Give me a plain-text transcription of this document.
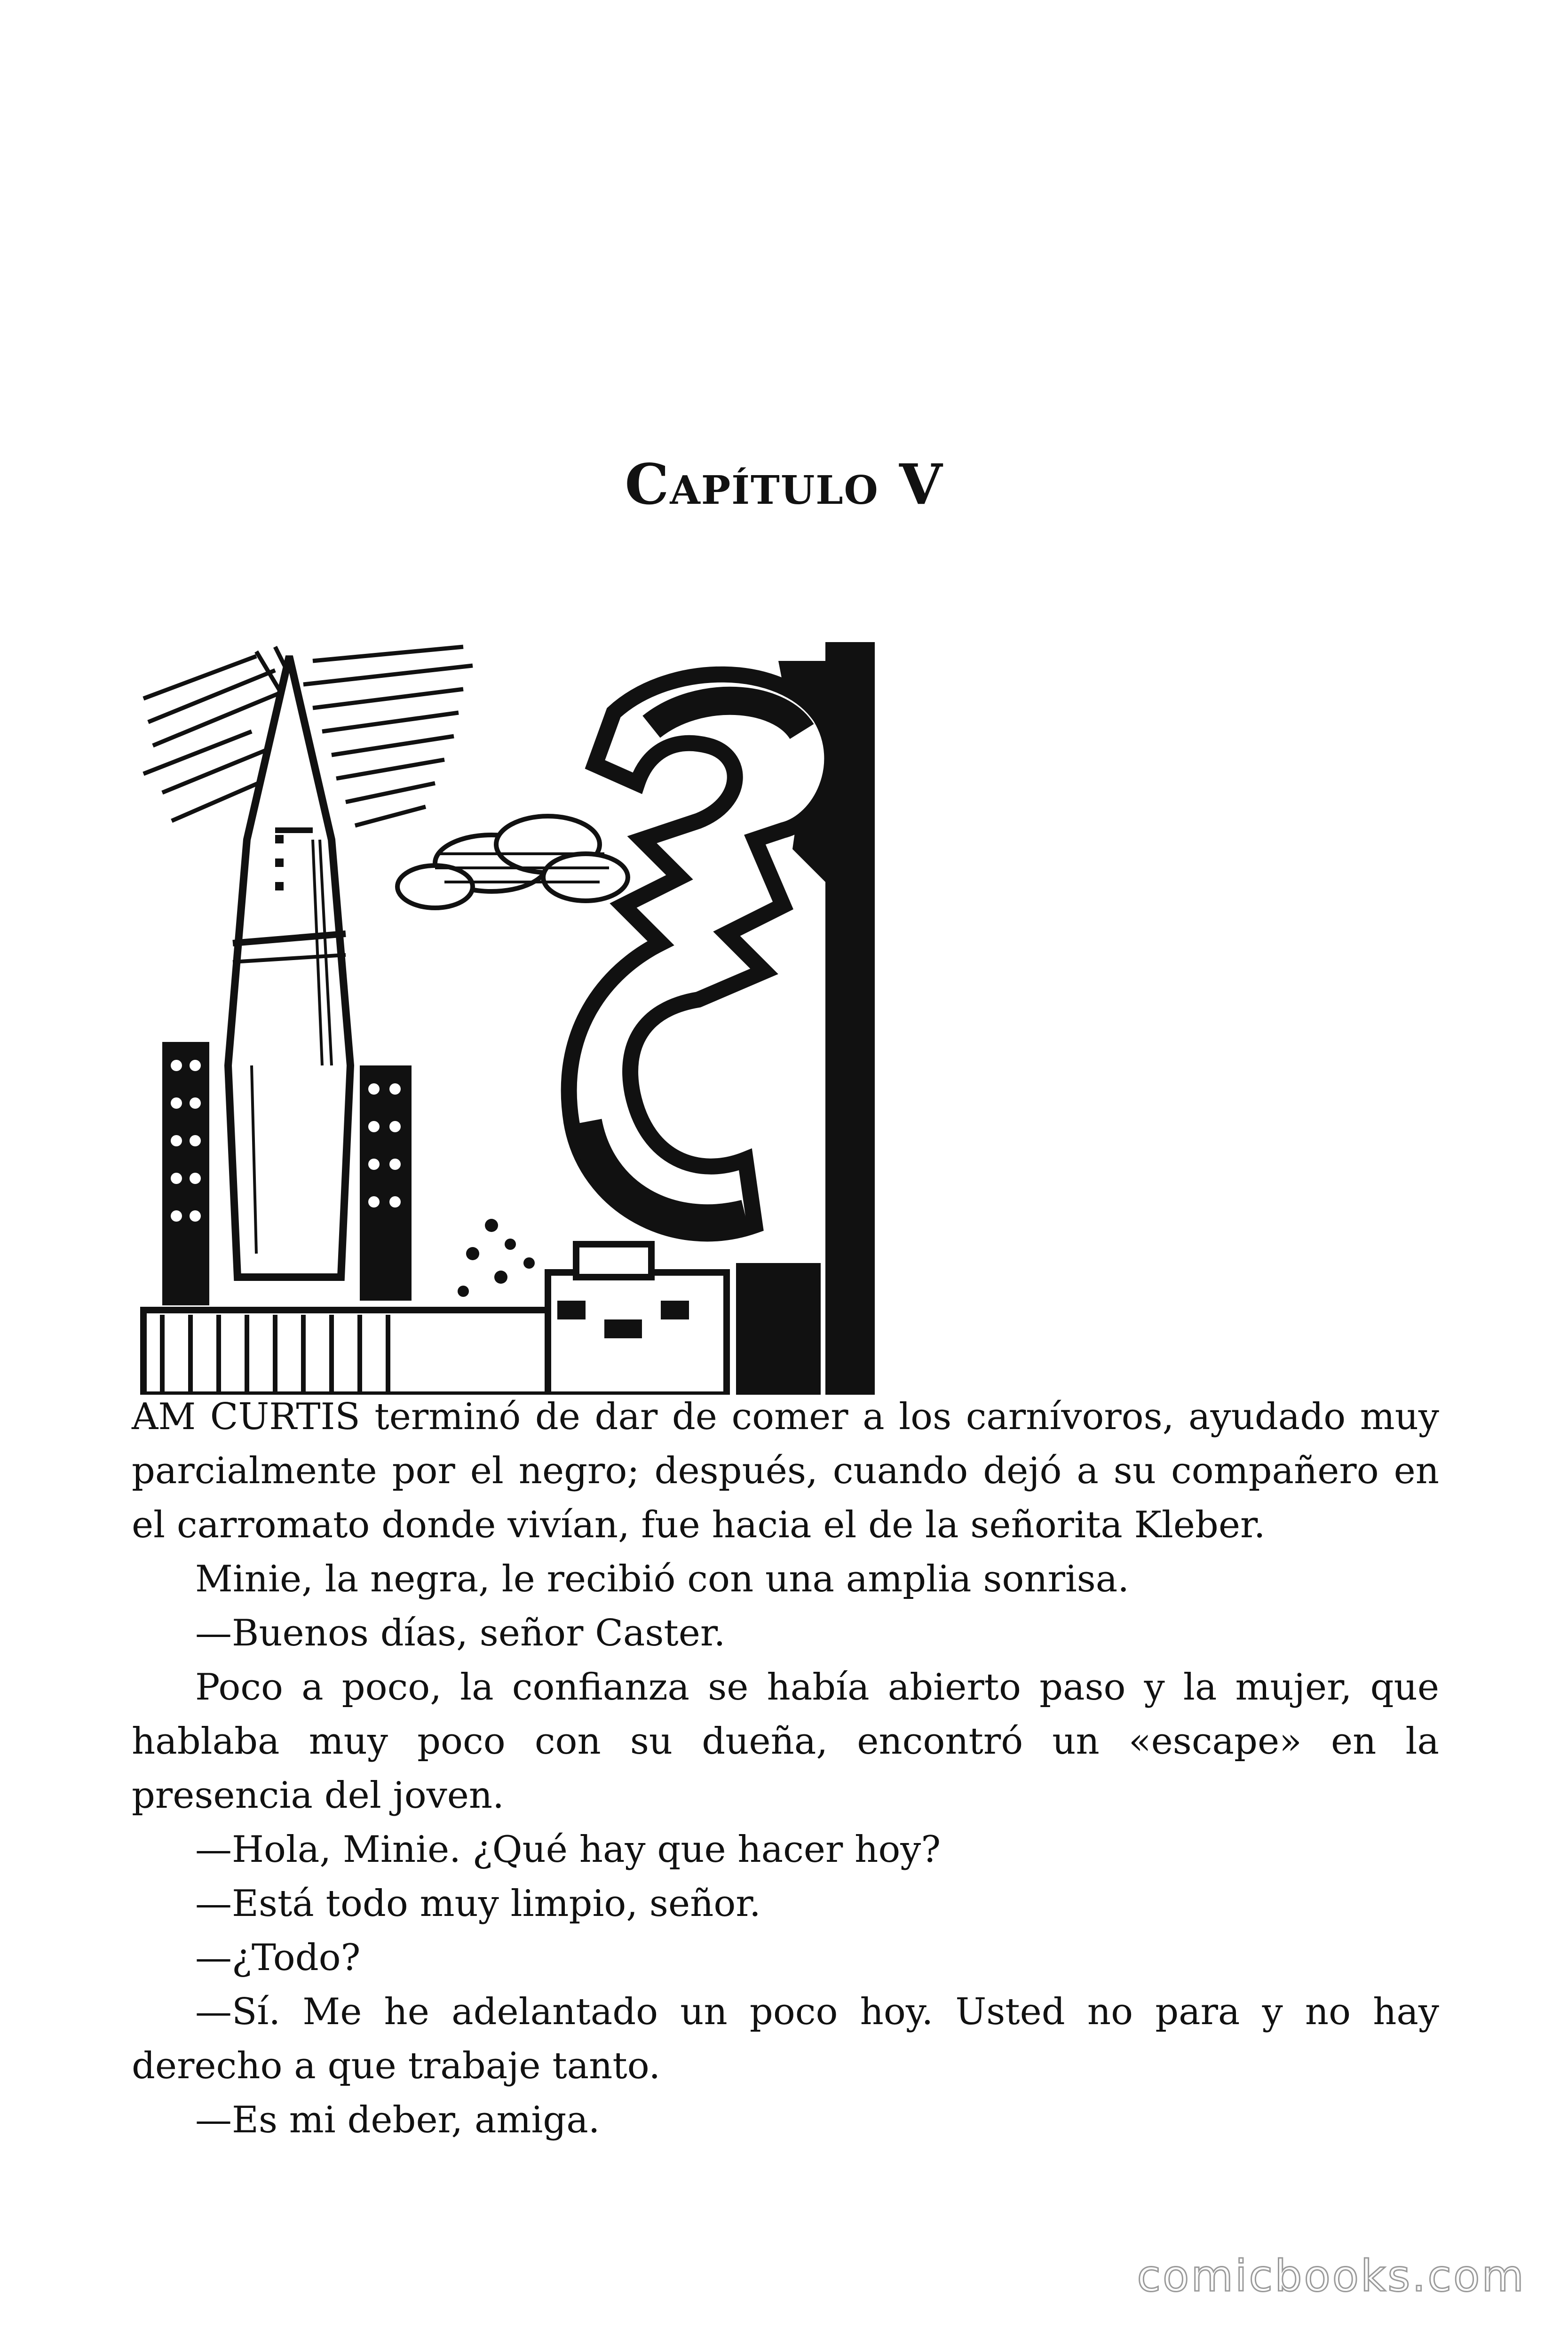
Capítulo V

AM CURTIS terminó de dar de comer a los carnívoros, ayudado muy parcialmente por el negro; después, cuando dejó a su compañero en el carromato donde vivían, fue hacia el de la señorita Kleber.

Minie, la negra, le recibió con una amplia sonrisa.

—Buenos días, señor Caster.

Poco a poco, la confianza se había abierto paso y la mujer, que hablaba muy poco con su dueña, encontró un «escape» en la presencia del joven.

—Hola, Minie. ¿Qué hay que hacer hoy?

—Está todo muy limpio, señor.

—¿Todo?

—Sí. Me he adelantado un poco hoy. Usted no para y no hay derecho a que trabaje tanto.

—Es mi deber, amiga.

comicbooks.com
